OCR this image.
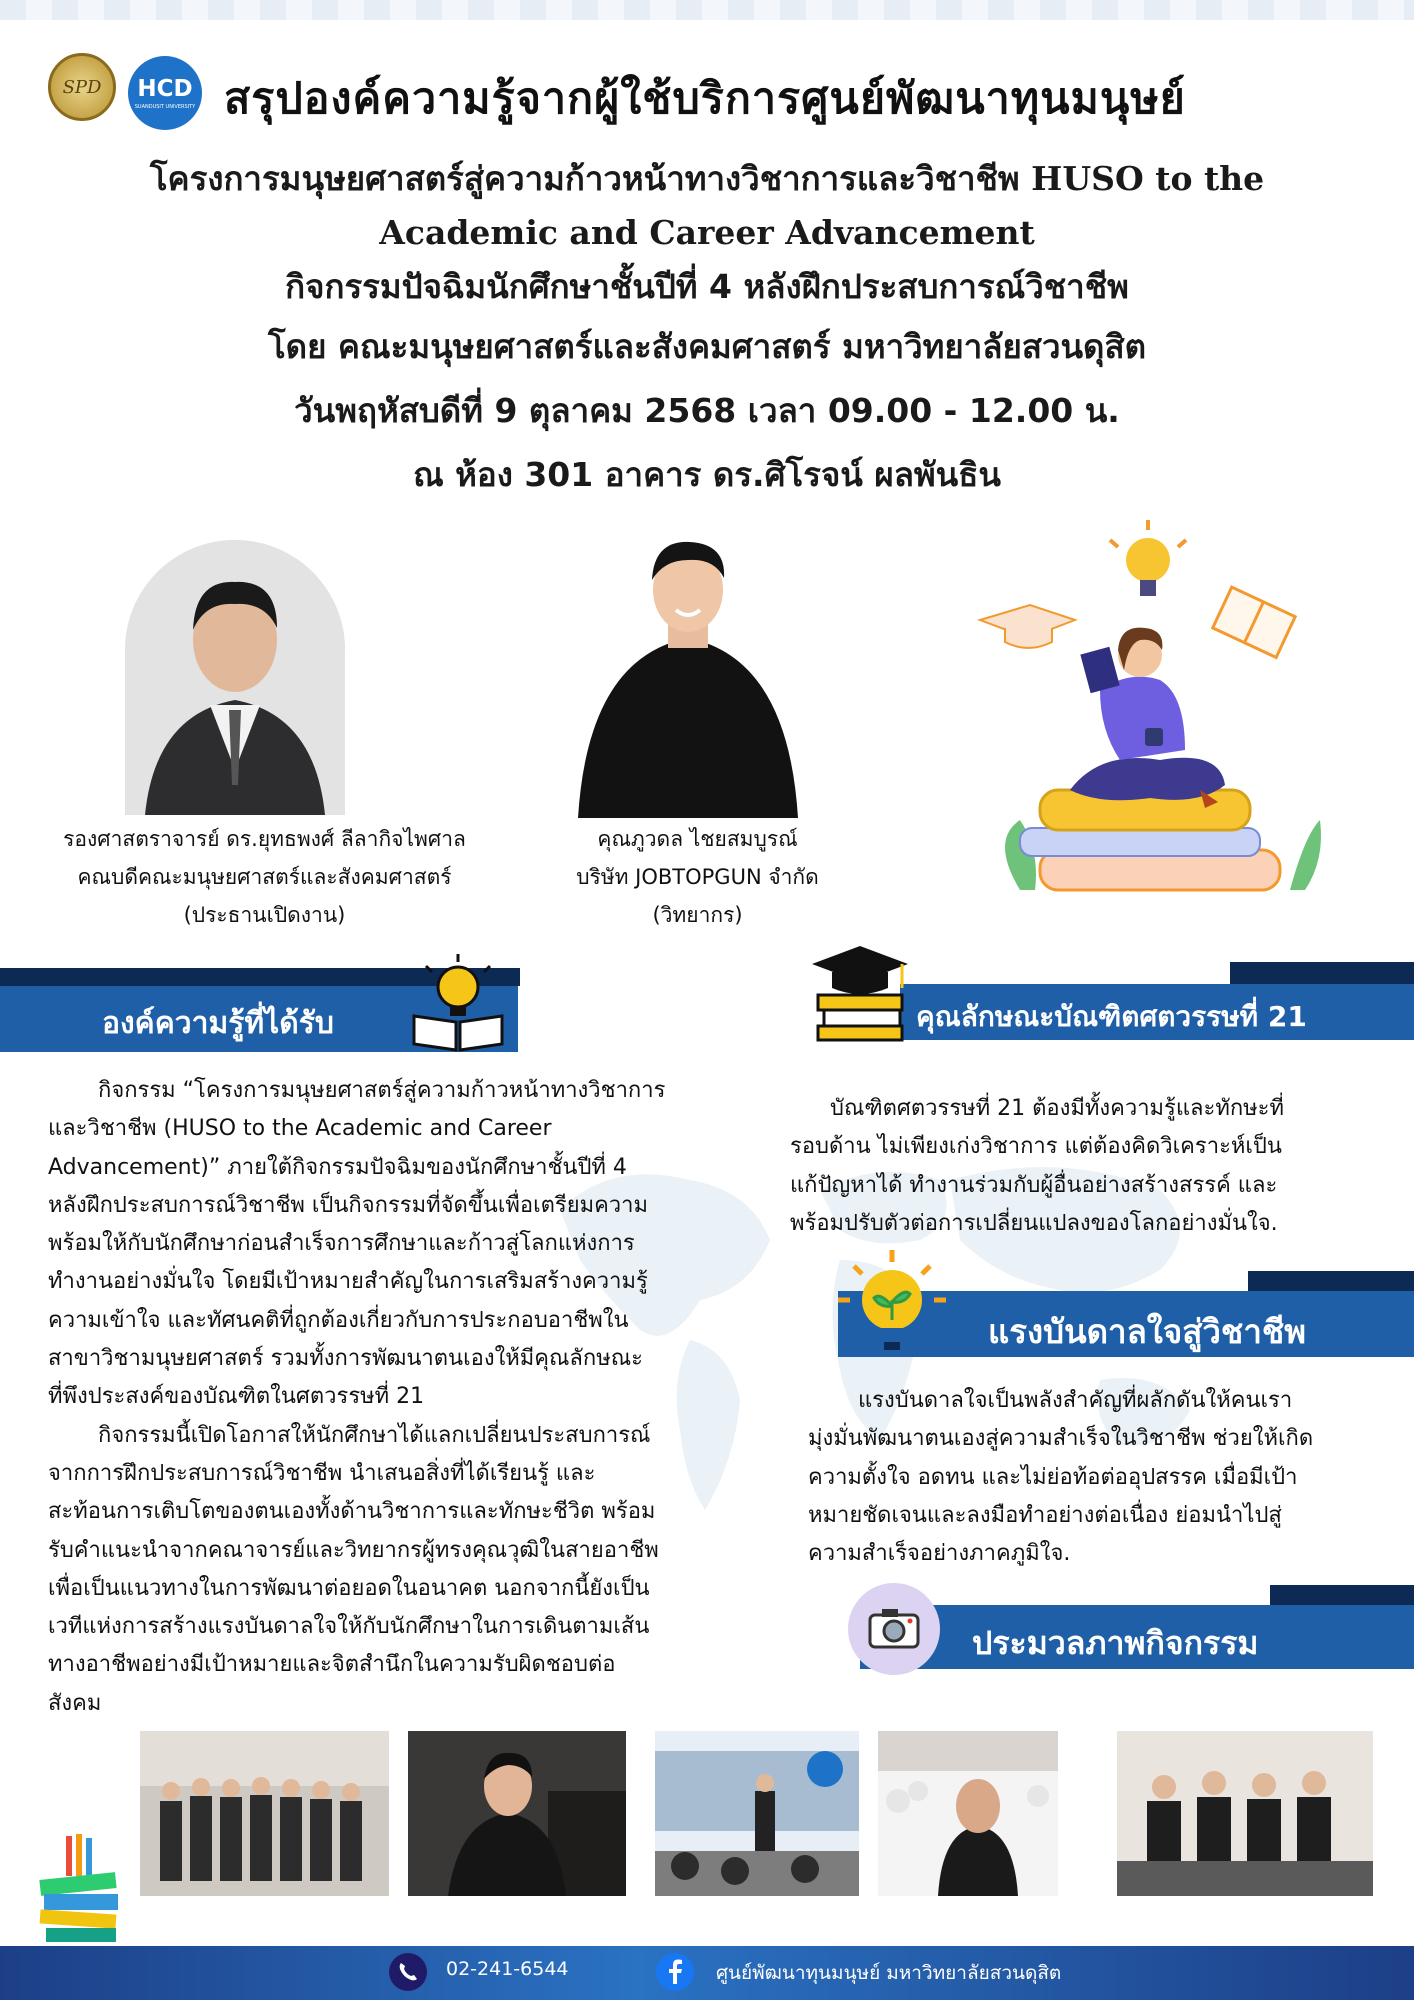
SPD HCD
SUANDUSIT UNIVERSITY สรุปองค์ความรู้จากผู้ใช้บริการศูนย์พัฒนาทุนมนุษย์
โครงการมนุษยศาสตร์สู่ความก้าวหน้าทางวิชาการและวิชาชีพ HUSO to the
Academic and Career Advancement
กิจกรรมปัจฉิมนักศึกษาชั้นปีที่ 4 หลังฝึกประสบการณ์วิชาชีพ
โดย คณะมนุษยศาสตร์และสังคมศาสตร์ มหาวิทยาลัยสวนดุสิต
วันพฤหัสบดีที่ 9 ตุลาคม 2568 เวลา 09.00 - 12.00 น.
ณ ห้อง 301 อาคาร ดร.ศิโรจน์ ผลพันธิน
รองศาสตราจารย์ ดร.ยุทธพงศ์ ลีลากิจไพศาล
คณบดีคณะมนุษยศาสตร์และสังคมศาสตร์
(ประธานเปิดงาน)
คุณภูวดล ไชยสมบูรณ์
บริษัท JOBTOPGUN จำกัด
(วิทยากร)
องค์ความรู้ที่ได้รับ
กิจกรรม “โครงการมนุษยศาสตร์สู่ความก้าวหน้าทางวิชาการ
และวิชาชีพ (HUSO to the Academic and Career
Advancement)” ภายใต้กิจกรรมปัจฉิมของนักศึกษาชั้นปีที่ 4
หลังฝึกประสบการณ์วิชาชีพ เป็นกิจกรรมที่จัดขึ้นเพื่อเตรียมความ
พร้อมให้กับนักศึกษาก่อนสำเร็จการศึกษาและก้าวสู่โลกแห่งการ
ทำงานอย่างมั่นใจ โดยมีเป้าหมายสำคัญในการเสริมสร้างความรู้
ความเข้าใจ และทัศนคติที่ถูกต้องเกี่ยวกับการประกอบอาชีพใน
สาขาวิชามนุษยศาสตร์ รวมทั้งการพัฒนาตนเองให้มีคุณลักษณะ
ที่พึงประสงค์ของบัณฑิตในศตวรรษที่ 21
กิจกรรมนี้เปิดโอกาสให้นักศึกษาได้แลกเปลี่ยนประสบการณ์
จากการฝึกประสบการณ์วิชาชีพ นำเสนอสิ่งที่ได้เรียนรู้ และ
สะท้อนการเติบโตของตนเองทั้งด้านวิชาการและทักษะชีวิต พร้อม
รับคำแนะนำจากคณาจารย์และวิทยากรผู้ทรงคุณวุฒิในสายอาชีพ
เพื่อเป็นแนวทางในการพัฒนาต่อยอดในอนาคต นอกจากนี้ยังเป็น
เวทีแห่งการสร้างแรงบันดาลใจให้กับนักศึกษาในการเดินตามเส้น
ทางอาชีพอย่างมีเป้าหมายและจิตสำนึกในความรับผิดชอบต่อ
สังคม
คุณลักษณะบัณฑิตศตวรรษที่ 21
บัณฑิตศตวรรษที่ 21 ต้องมีทั้งความรู้และทักษะที่
รอบด้าน ไม่เพียงเก่งวิชาการ แต่ต้องคิดวิเคราะห์เป็น
แก้ปัญหาได้ ทำงานร่วมกับผู้อื่นอย่างสร้างสรรค์ และ
พร้อมปรับตัวต่อการเปลี่ยนแปลงของโลกอย่างมั่นใจ.
แรงบันดาลใจสู่วิชาชีพ
แรงบันดาลใจเป็นพลังสำคัญที่ผลักดันให้คนเรา
มุ่งมั่นพัฒนาตนเองสู่ความสำเร็จในวิชาชีพ ช่วยให้เกิด
ความตั้งใจ อดทน และไม่ย่อท้อต่ออุปสรรค เมื่อมีเป้า
หมายชัดเจนและลงมือทำอย่างต่อเนื่อง ย่อมนำไปสู่
ความสำเร็จอย่างภาคภูมิใจ.
ประมวลภาพกิจกรรม
02-241-6544	ศูนย์พัฒนาทุนมนุษย์ มหาวิทยาลัยสวนดุสิต
